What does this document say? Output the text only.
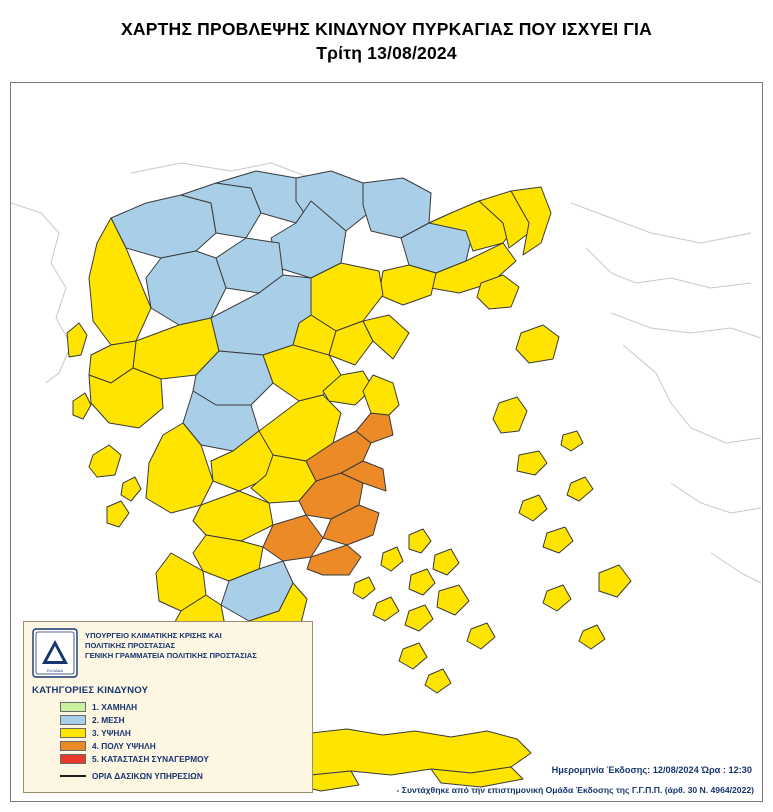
ΧΑΡΤΗΣ ΠΡΟΒΛΕΨΗΣ ΚΙΝΔΥΝΟΥ ΠΥΡΚΑΓΙΑΣ ΠΟΥ ΙΣΧΥΕΙ ΓΙΑ
Τρίτη 13/08/2024
ΕΛΛΑΔΑ
ΥΠΟΥΡΓΕΙΟ ΚΛΙΜΑΤΙΚΗΣ ΚΡΙΣΗΣ ΚΑΙ
ΠΟΛΙΤΙΚΗΣ ΠΡΟΣΤΑΣΙΑΣ
ΓΕΝΙΚΗ ΓΡΑΜΜΑΤΕΙΑ ΠΟΛΙΤΙΚΗΣ ΠΡΟΣΤΑΣΙΑΣ
ΚΑΤΗΓΟΡΙΕΣ ΚΙΝΔΥΝΟΥ
1. ΧΑΜΗΛΗ
2. ΜΕΣΗ
3. ΥΨΗΛΗ
4. ΠΟΛΥ ΥΨΗΛΗ
5. ΚΑΤΑΣΤΑΣΗ ΣΥΝΑΓΕΡΜΟΥ
ΟΡΙΑ ΔΑΣΙΚΩΝ ΥΠΗΡΕΣΙΩΝ
Ημερομηνία Έκδοσης: 12/08/2024 Ώρα : 12:30
- Συντάχθηκε από την επιστημονική Ομάδα Έκδοσης της Γ.Γ.Π.Π. (άρθ. 30 Ν. 4964/2022)
